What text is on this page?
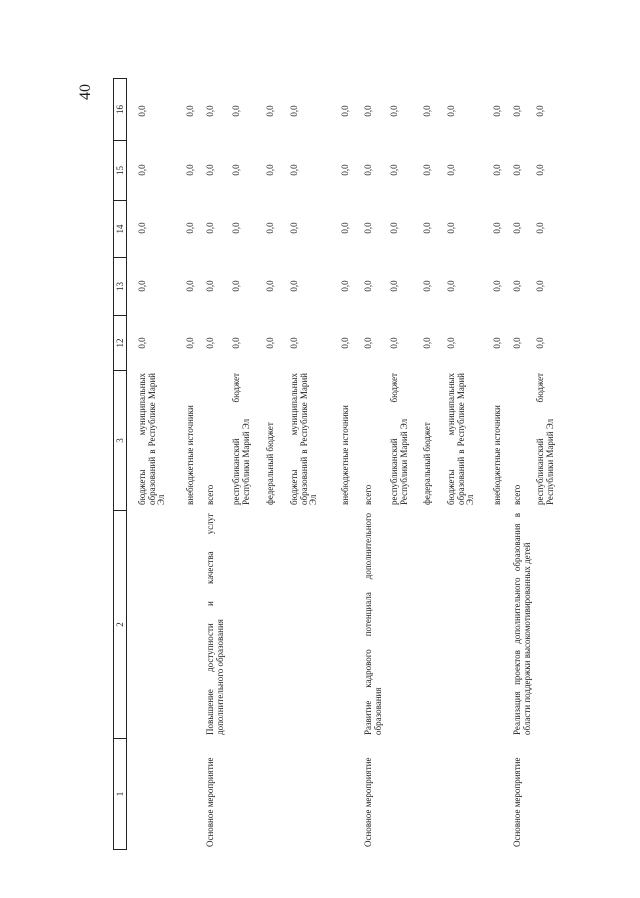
40
1
2
3
12
13
14
15
16
бюджеты муниципальных образований в Республике Марий Эл
0,0
0,0
0,0
0,0
0,0
внебюджетные источники
0,0
0,0
0,0
0,0
0,0
Основное мероприятие
Повышение доступности и качества услуг дополнительного образования
всего
0,0
0,0
0,0
0,0
0,0
республиканский бюджет Республики Марий Эл
0,0
0,0
0,0
0,0
0,0
федеральный бюджет
0,0
0,0
0,0
0,0
0,0
бюджеты муниципальных образований в Республике Марий Эл
0,0
0,0
0,0
0,0
0,0
внебюджетные источники
0,0
0,0
0,0
0,0
0,0
Основное мероприятие
Развитие кадрового потенциала дополнительного образования
всего
0,0
0,0
0,0
0,0
0,0
республиканский бюджет Республики Марий Эл
0,0
0,0
0,0
0,0
0,0
федеральный бюджет
0,0
0,0
0,0
0,0
0,0
бюджеты муниципальных образований в Республике Марий Эл
0,0
0,0
0,0
0,0
0,0
внебюджетные источники
0,0
0,0
0,0
0,0
0,0
Основное мероприятие
Реализация проектов дополнительного образования в области поддержки высокомотивированных детей
всего
0,0
0,0
0,0
0,0
0,0
республиканский бюджет Республики Марий Эл
0,0
0,0
0,0
0,0
0,0
